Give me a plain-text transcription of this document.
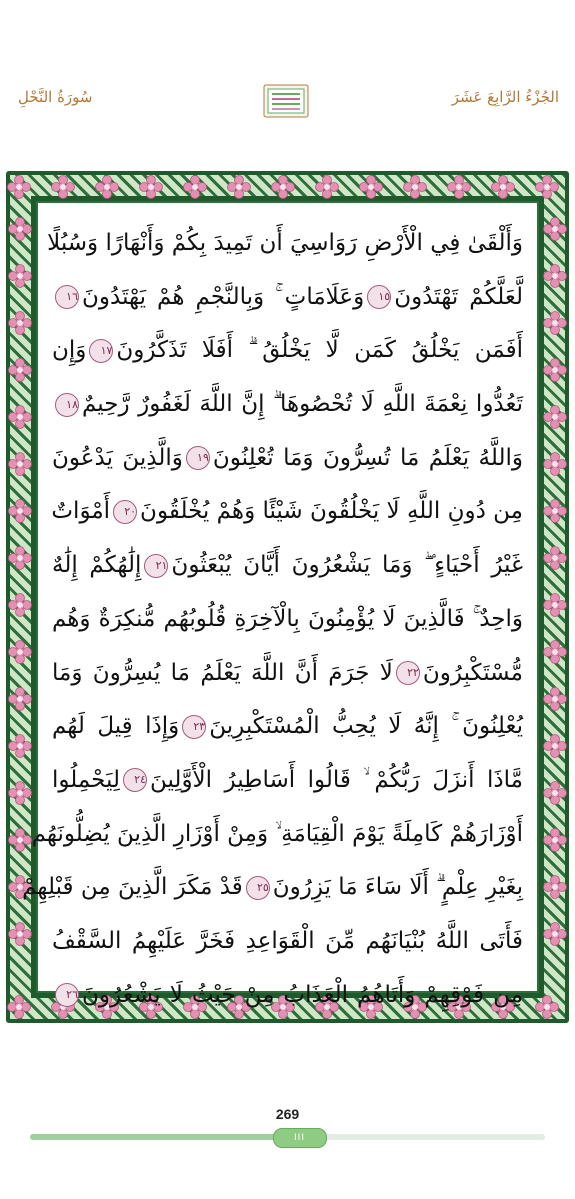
سُورَةُ النَّحْلِ	الجُزْءُ الرَّابِعَ عَشَرَ
وَأَلْقَىٰ فِي الْأَرْضِ رَوَاسِيَ أَن تَمِيدَ بِكُمْ وَأَنْهَارًا وَسُبُلًا
لَّعَلَّكُمْ تَهْتَدُونَ١٥وَعَلَامَاتٍ ۚ وَبِالنَّجْمِ هُمْ يَهْتَدُونَ١٦
أَفَمَن يَخْلُقُ كَمَن لَّا يَخْلُقُ ۗ أَفَلَا تَذَكَّرُونَ١٧وَإِن
تَعُدُّوا نِعْمَةَ اللَّهِ لَا تُحْصُوهَا ۗ إِنَّ اللَّهَ لَغَفُورٌ رَّحِيمٌ١٨
وَاللَّهُ يَعْلَمُ مَا تُسِرُّونَ وَمَا تُعْلِنُونَ١٩وَالَّذِينَ يَدْعُونَ
مِن دُونِ اللَّهِ لَا يَخْلُقُونَ شَيْئًا وَهُمْ يُخْلَقُونَ٢٠أَمْوَاتٌ
غَيْرُ أَحْيَاءٍ ۖ وَمَا يَشْعُرُونَ أَيَّانَ يُبْعَثُونَ٢١إِلَٰهُكُمْ إِلَٰهٌ
وَاحِدٌ ۚ فَالَّذِينَ لَا يُؤْمِنُونَ بِالْآخِرَةِ قُلُوبُهُم مُّنكِرَةٌ وَهُم
مُّسْتَكْبِرُونَ٢٢لَا جَرَمَ أَنَّ اللَّهَ يَعْلَمُ مَا يُسِرُّونَ وَمَا
يُعْلِنُونَ ۚ إِنَّهُ لَا يُحِبُّ الْمُسْتَكْبِرِينَ٢٣وَإِذَا قِيلَ لَهُم
مَّاذَا أَنزَلَ رَبُّكُمْ ۙ قَالُوا أَسَاطِيرُ الْأَوَّلِينَ٢٤لِيَحْمِلُوا
أَوْزَارَهُمْ كَامِلَةً يَوْمَ الْقِيَامَةِ ۙ وَمِنْ أَوْزَارِ الَّذِينَ يُضِلُّونَهُم
بِغَيْرِ عِلْمٍ ۗ أَلَا سَاءَ مَا يَزِرُونَ٢٥قَدْ مَكَرَ الَّذِينَ مِن قَبْلِهِمْ
فَأَتَى اللَّهُ بُنْيَانَهُم مِّنَ الْقَوَاعِدِ فَخَرَّ عَلَيْهِمُ السَّقْفُ
مِن فَوْقِهِمْ وَأَتَاهُمُ الْعَذَابُ مِنْ حَيْثُ لَا يَشْعُرُونَ٢٦
269
III
